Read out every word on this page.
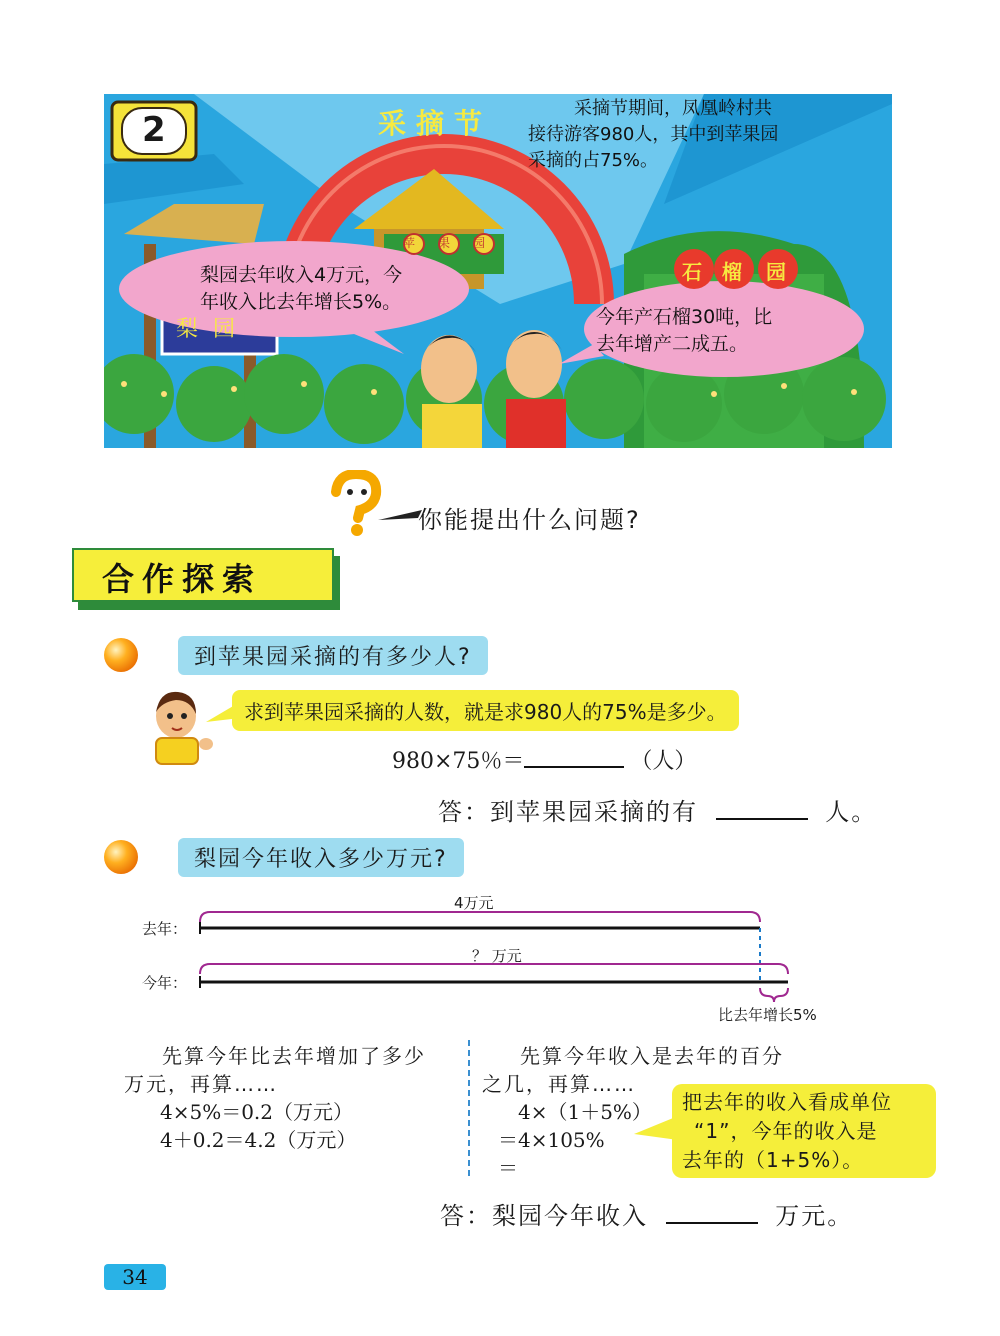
2	采摘节	采摘节期间，凤凰岭村共
接待游客980人，其中到苹果园
采摘的占75%。
苹 果 园
石 榴 园
梨 园
梨园去年收入4万元，今
年收入比去年增长5%。
今年产石榴30吨，比
去年增产二成五。
你能提出什么问题?
合作探索
到苹果园采摘的有多少人?
求到苹果园采摘的人数，就是求980人的75%是多少。
980×75％＝	（人）
答：到苹果园采摘的有	人。
梨园今年收入多少万元?
去年：
今年：
4万元
？ 万元
比去年增长5%
先算今年比去年增加了多少
万元，再算……
4×5%＝0.2（万元）
4＋0.2＝4.2（万元）
先算今年收入是去年的百分
之几，再算……
4×（1＋5%）
＝4×105%
＝
把去年的收入看成单位
“1”，今年的收入是
去年的（1+5%）。
答：梨园今年收入	万元。
34
